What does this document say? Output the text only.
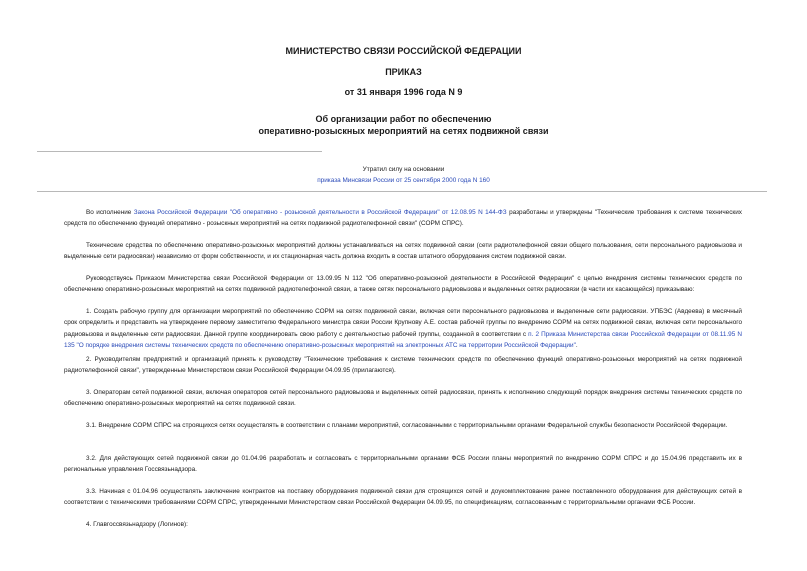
МИНИСТЕРСТВО СВЯЗИ РОССИЙСКОЙ ФЕДЕРАЦИИ
ПРИКАЗ
от 31 января 1996 года N 9
Об организации работ по обеспечению
оперативно-розыскных мероприятий на сетях подвижной связи
Утратил силу на основании
приказа Минсвязи России от 25 сентября 2000 года N 160

Во исполнение Закона Российской Федерации "Об оперативно - розыскной деятельности в Российской Федерации" от 12.08.95 N 144-ФЗ разработаны и утверждены "Технические требования к системе технических средств по обеспечению функций оперативно - розыскных мероприятий на сетях подвижной радиотелефонной связи" (СОРМ СПРС).

Технические средства по обеспечению оперативно-розыскных мероприятий должны устанавливаться на сетях подвижной связи (сети радиотелефонной связи общего пользования, сети персонального радиовызова и выделенные сети радиосвязи) независимо от форм собственности, и их стационарная часть должна входить в состав штатного оборудования систем подвижной связи.

Руководствуясь Приказом Министерства связи Российской Федерации от 13.09.95 N 112 "Об оперативно-розыскной деятельности в Российской Федерации" с целью внедрения системы технических средств по обеспечению оперативно-розыскных мероприятий на сетях подвижной радиотелефонной связи, а также сетях персонального радиовызова и выделенных сетях радиосвязи (в части их касающейся) приказываю:

1. Создать рабочую группу для организации мероприятий по обеспечению СОРМ на сетях подвижной связи, включая сети персонального радиовызова и выделенные сети радиосвязи. УПБЭС (Авдеева) в месячный срок определить и представить на утверждение первому заместителю Федерального министра связи России Крупнову А.Е. состав рабочей группы по внедрению СОРМ на сетях подвижной связи, включая сети персонального радиовызова и выделенные сети радиосвязи. Данной группе координировать свою работу с деятельностью рабочей группы, созданной в соответствии с п. 2 Приказа Министерства связи Российской Федерации от 08.11.95 N 135 "О порядке внедрения системы технических средств по обеспечению оперативно-розыскных мероприятий на электронных АТС на территории Российской Федерации".

2. Руководителям предприятий и организаций принять к руководству "Технические требования к системе технических средств по обеспечению функций оперативно-розыскных мероприятий на сетях подвижной радиотелефонной связи", утвержденные Министерством связи Российской Федерации 04.09.95 (прилагаются).

3. Операторам сетей подвижной связи, включая операторов сетей персонального радиовызова и выделенных сетей радиосвязи, принять к исполнению следующий порядок внедрения системы технических средств по обеспечению оперативно-розыскных мероприятий на сетях подвижной связи.

3.1. Внедрение СОРМ СПРС на строящихся сетях осуществлять в соответствии с планами мероприятий, согласованными с территориальными органами Федеральной службы безопасности Российской Федерации.

3.2. Для действующих сетей подвижной связи до 01.04.96 разработать и согласовать с территориальными органами ФСБ России планы мероприятий по внедрению СОРМ СПРС и до 15.04.96 представить их в региональные управления Госсвязьнадзора.

3.3. Начиная с 01.04.96 осуществлять заключение контрактов на поставку оборудования подвижной связи для строящихся сетей и доукомплектование ранее поставленного оборудования для действующих сетей в соответствии с техническими требованиями СОРМ СПРС, утвержденными Министерством связи Российской Федерации 04.09.95, по спецификациям, согласованным с территориальными органами ФСБ России.

4. Главгоссвязьнадзору (Логинов):
